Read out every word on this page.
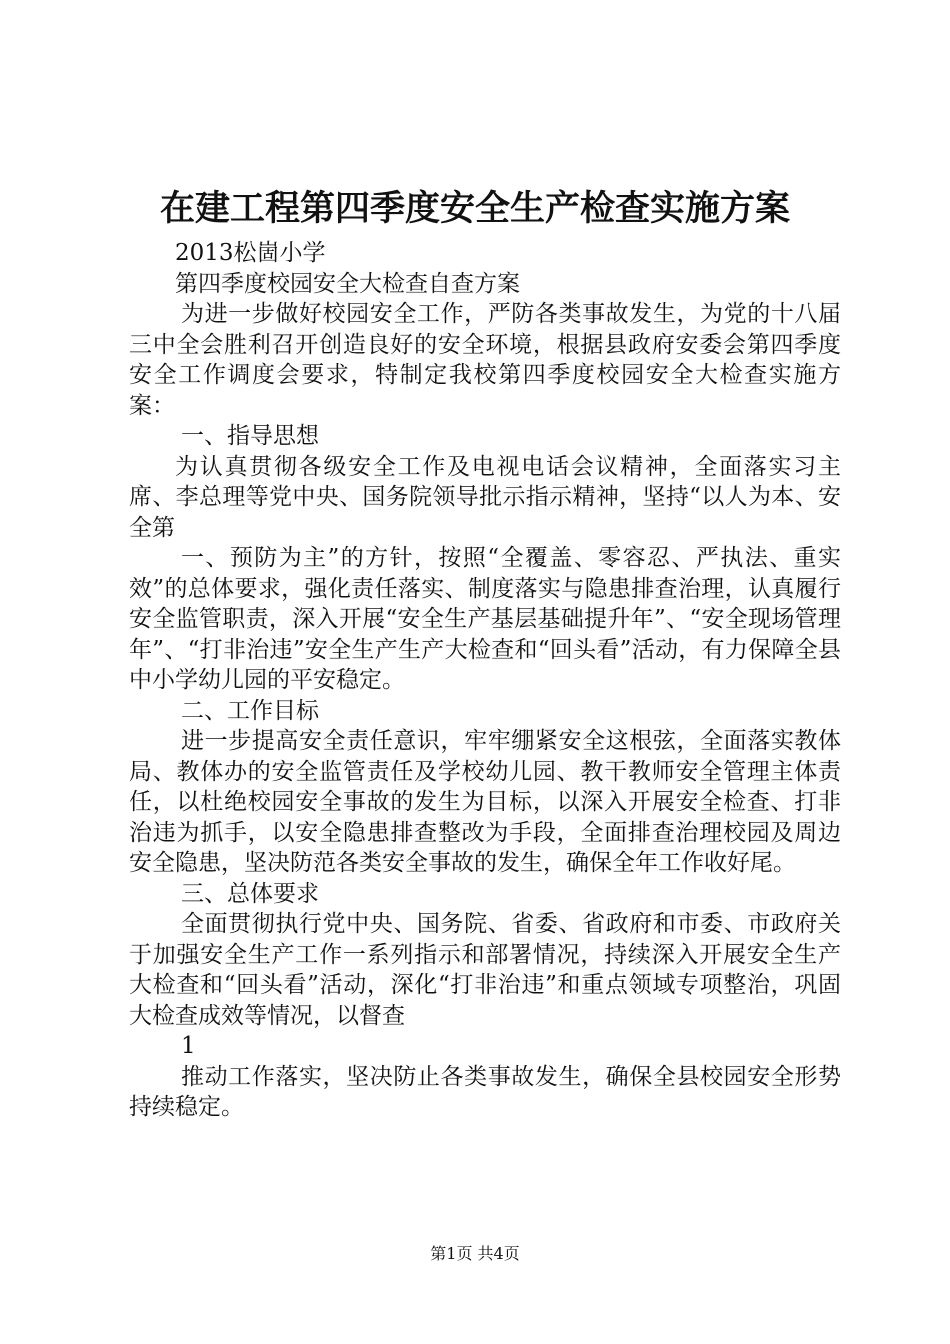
在建工程第四季度安全生产检查实施方案

2013松崮小学

第四季度校园安全大检查自查方案

为进一步做好校园安全工作，严防各类事故发生，为党的十八届三中全会胜利召开创造良好的安全环境，根据县政府安委会第四季度安全工作调度会要求，特制定我校第四季度校园安全大检查实施方案：

一、指导思想

为认真贯彻各级安全工作及电视电话会议精神，全面落实习主席、李总理等党中央、国务院领导批示指示精神，坚持“以人为本、安全第

一、预防为主”的方针，按照“全覆盖、零容忍、严执法、重实效”的总体要求，强化责任落实、制度落实与隐患排查治理，认真履行安全监管职责，深入开展“安全生产基层基础提升年”、“安全现场管理年”、“打非治违”安全生产生产大检查和“回头看”活动，有力保障全县中小学幼儿园的平安稳定。

二、工作目标

进一步提高安全责任意识，牢牢绷紧安全这根弦，全面落实教体局、教体办的安全监管责任及学校幼儿园、教干教师安全管理主体责任，以杜绝校园安全事故的发生为目标，以深入开展安全检查、打非治违为抓手，以安全隐患排查整改为手段，全面排查治理校园及周边安全隐患，坚决防范各类安全事故的发生，确保全年工作收好尾。

三、总体要求

全面贯彻执行党中央、国务院、省委、省政府和市委、市政府关于加强安全生产工作一系列指示和部署情况，持续深入开展安全生产大检查和“回头看”活动，深化“打非治违”和重点领域专项整治，巩固大检查成效等情况，以督查

1

推动工作落实，坚决防止各类事故发生，确保全县校园安全形势持续稳定。

第1页 共4页
